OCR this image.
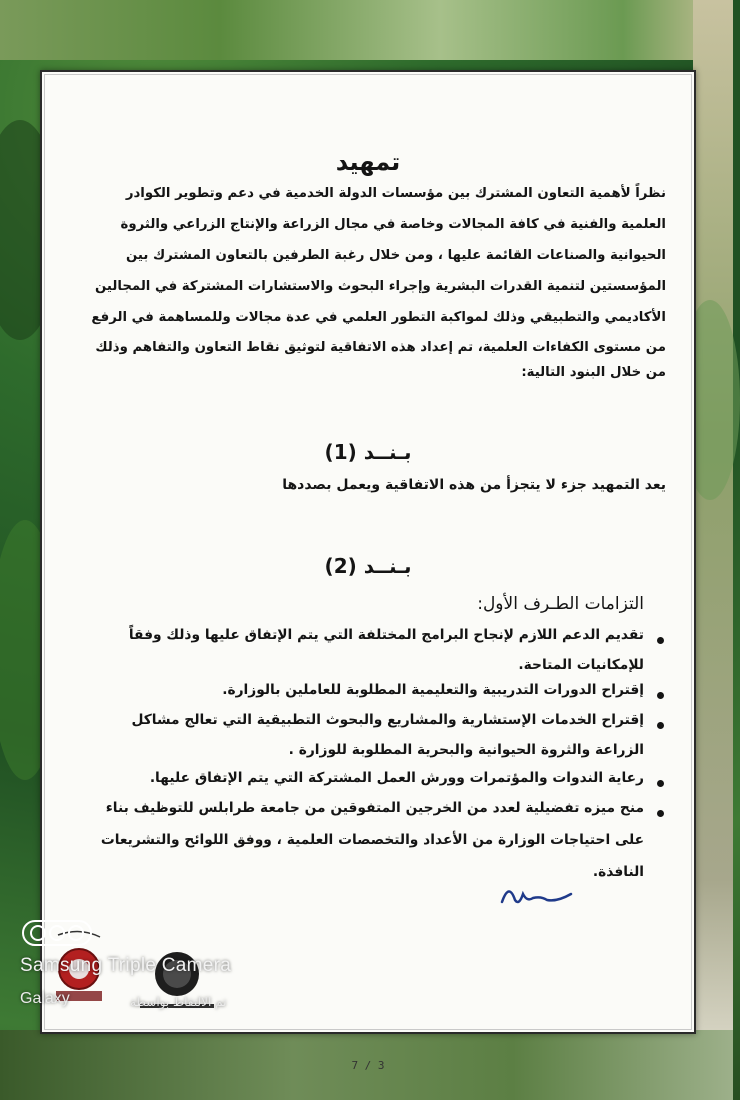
تمهيد
نظراً لأهمية التعاون المشترك بين مؤسسات الدولة الخدمية في دعم وتطوير الكوادر
العلمية والفنية في كافة المجالات وخاصة في مجال الزراعة والإنتاج الزراعي والثروة
الحيوانية والصناعات القائمة عليها ، ومن خلال رغبة الطرفين بالتعاون المشترك بين
المؤسستين لتنمية القدرات البشرية وإجراء البحوث والاستشارات المشتركة في المجالين
الأكاديمي والتطبيقي وذلك لمواكبة التطور العلمي في عدة مجالات وللمساهمة في الرفع
من مستوى الكفاءات العلمية، تم إعداد هذه الاتفاقية لتوثيق نقاط التعاون والتفاهم وذلك
من خلال البنود التالية:
بـنــد (1)
يعد التمهيد جزء لا يتجزأ من هذه الاتفاقية ويعمل بصددها
بـنــد (2)
التزامات الطـرف الأول:
تقديم الدعم اللازم لإنجاح البرامج المختلفة التي يتم الإتفاق عليها وذلك وفقاً
للإمكانيات المتاحة.
إقتراح الدورات التدريبية والتعليمية المطلوبة للعاملين بالوزارة.
إقتراح الخدمات الإستشارية والمشاريع والبحوث التطبيقية التي تعالج مشاكل
الزراعة والثروة الحيوانية والبحرية المطلوبة للوزارة .
رعاية الندوات والمؤتمرات وورش العمل المشتركة التي يتم الإتفاق عليها.
منح ميزه تفضيلية لعدد من الخرجين المتفوقين من جامعة طرابلس للتوظيف بناء
على احتياجات الوزارة من الأعداد والتخصصات العلمية ، ووفق اللوائح والتشريعات
النافذة.
7 / 3
Samsung Triple Camera
Galaxy	تم الالتقاط بواسطة
